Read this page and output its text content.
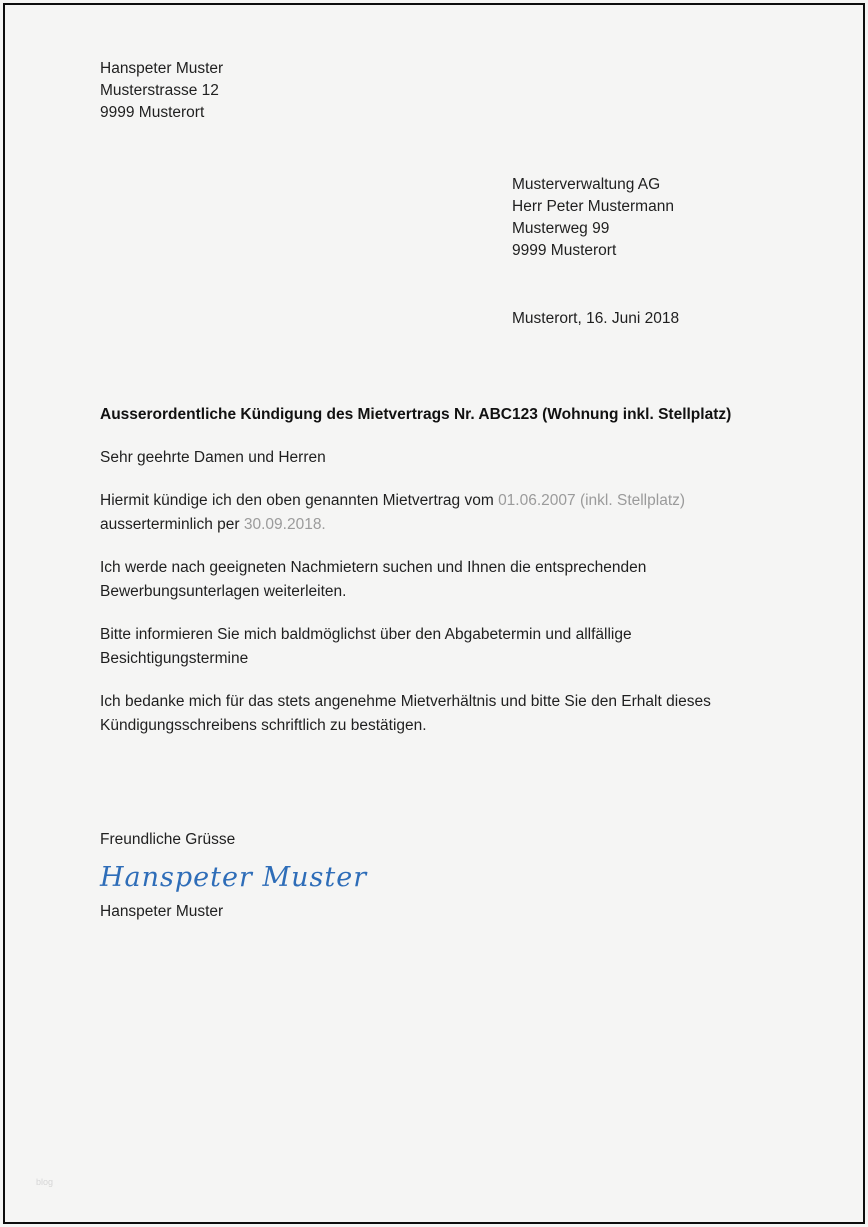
Hanspeter Muster
Musterstrasse 12
9999 Musterort
Musterverwaltung AG
Herr Peter Mustermann
Musterweg 99
9999 Musterort
Musterort, 16. Juni 2018
Ausserordentliche Kündigung des Mietvertrags Nr. ABC123 (Wohnung inkl. Stellplatz)
Sehr geehrte Damen und Herren

Hiermit kündige ich den oben genannten Mietvertrag vom 01.06.2007 (inkl. Stellplatz) ausserterminlich per 30.09.2018.

Ich werde nach geeigneten Nachmietern suchen und Ihnen die entsprechenden Bewerbungsunterlagen weiterleiten.

Bitte informieren Sie mich baldmöglichst über den Abgabetermin und allfällige Besichtigungstermine

Ich bedanke mich für das stets angenehme Mietverhältnis und bitte Sie den Erhalt dieses Kündigungsschreibens schriftlich zu bestätigen.

Freundliche Grüsse
Hanspeter Muster
Hanspeter Muster
blog
